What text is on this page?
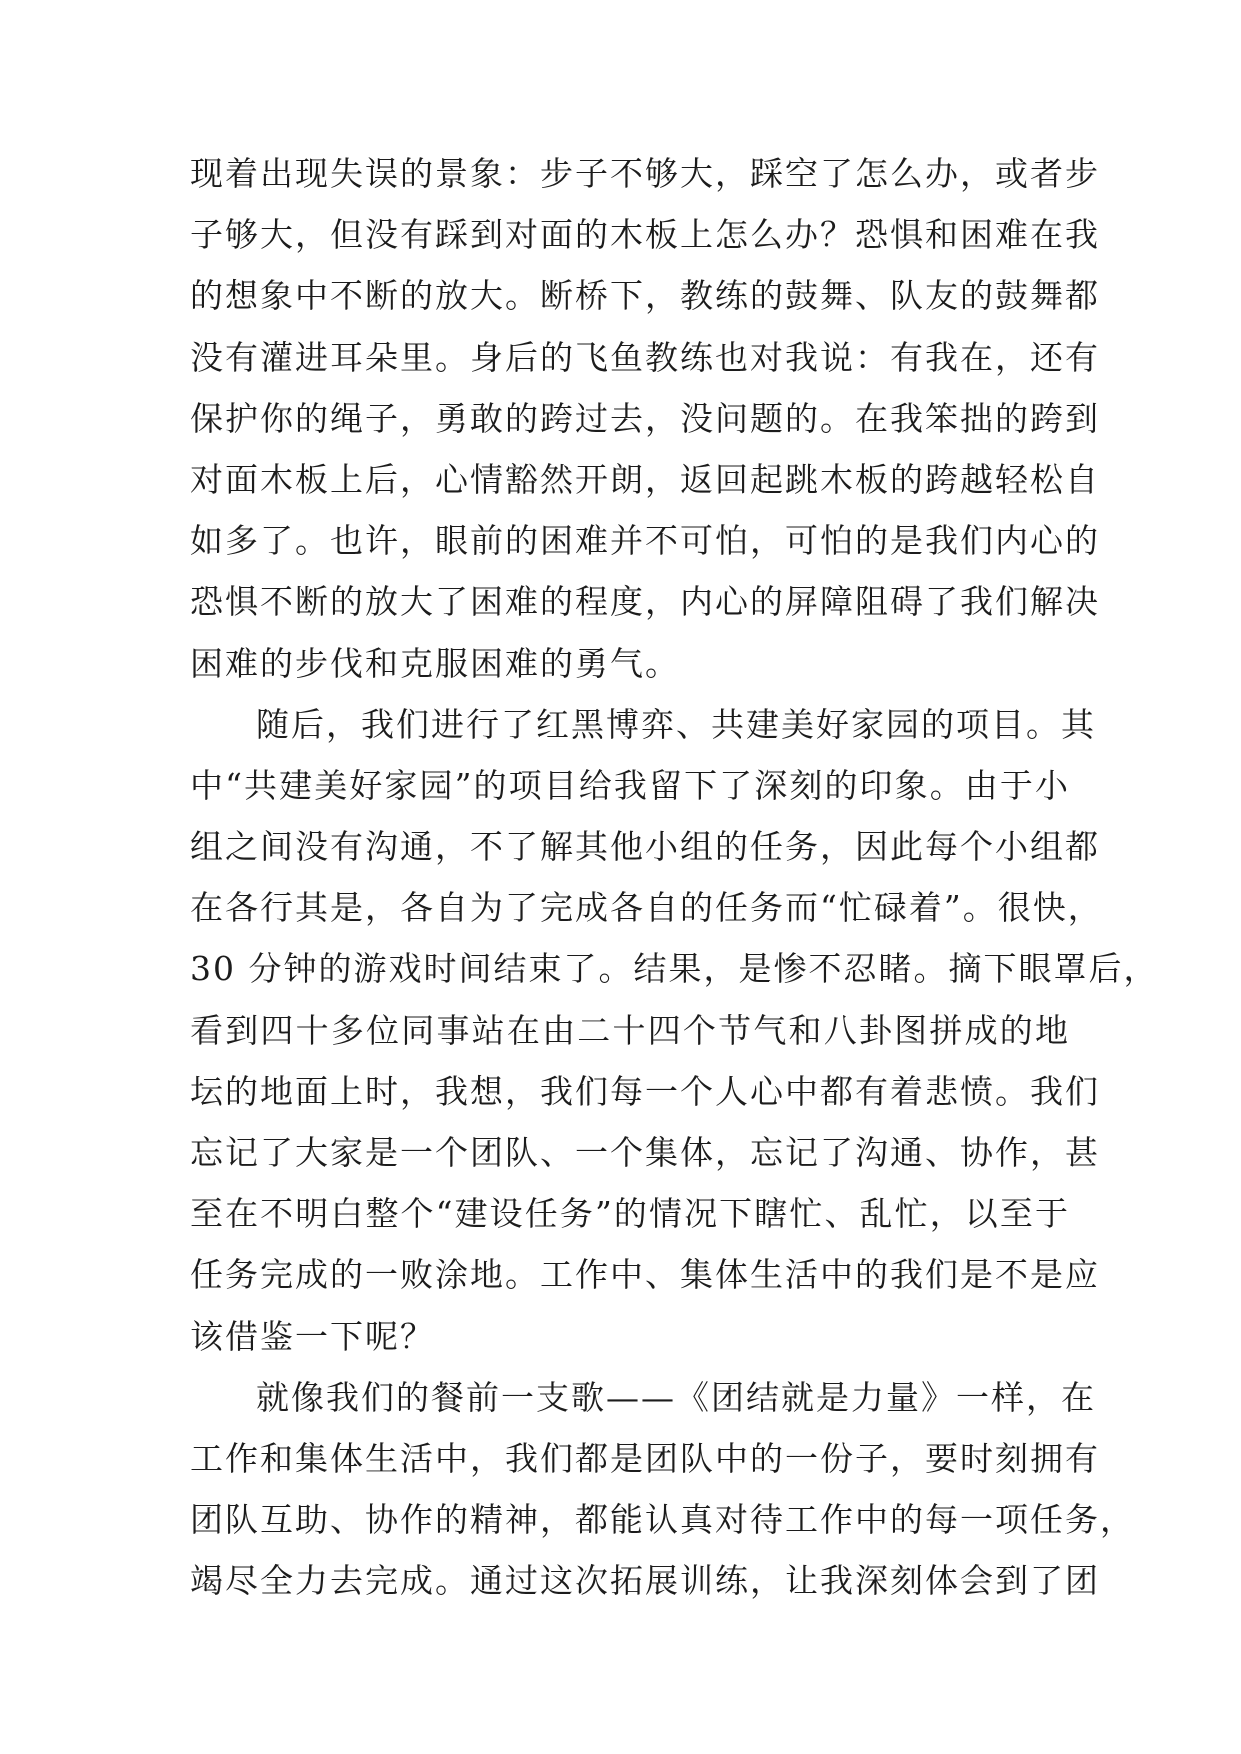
现着出现失误的景象：步子不够大，踩空了怎么办，或者步
子够大，但没有踩到对面的木板上怎么办？恐惧和困难在我
的想象中不断的放大。断桥下，教练的鼓舞、队友的鼓舞都
没有灌进耳朵里。身后的飞鱼教练也对我说：有我在，还有
保护你的绳子，勇敢的跨过去，没问题的。在我笨拙的跨到
对面木板上后，心情豁然开朗，返回起跳木板的跨越轻松自
如多了。也许，眼前的困难并不可怕，可怕的是我们内心的
恐惧不断的放大了困难的程度，内心的屏障阻碍了我们解决
困难的步伐和克服困难的勇气。
随后，我们进行了红黑博弈、共建美好家园的项目。其
中“共建美好家园”的项目给我留下了深刻的印象。由于小
组之间没有沟通，不了解其他小组的任务，因此每个小组都
在各行其是，各自为了完成各自的任务而“忙碌着”。很快，
30 分钟的游戏时间结束了。结果，是惨不忍睹。摘下眼罩后，
看到四十多位同事站在由二十四个节气和八卦图拼成的地
坛的地面上时，我想，我们每一个人心中都有着悲愤。我们
忘记了大家是一个团队、一个集体，忘记了沟通、协作，甚
至在不明白整个“建设任务”的情况下瞎忙、乱忙，以至于
任务完成的一败涂地。工作中、集体生活中的我们是不是应
该借鉴一下呢？
就像我们的餐前一支歌——《团结就是力量》一样，在
工作和集体生活中，我们都是团队中的一份子，要时刻拥有
团队互助、协作的精神，都能认真对待工作中的每一项任务，
竭尽全力去完成。通过这次拓展训练，让我深刻体会到了团
